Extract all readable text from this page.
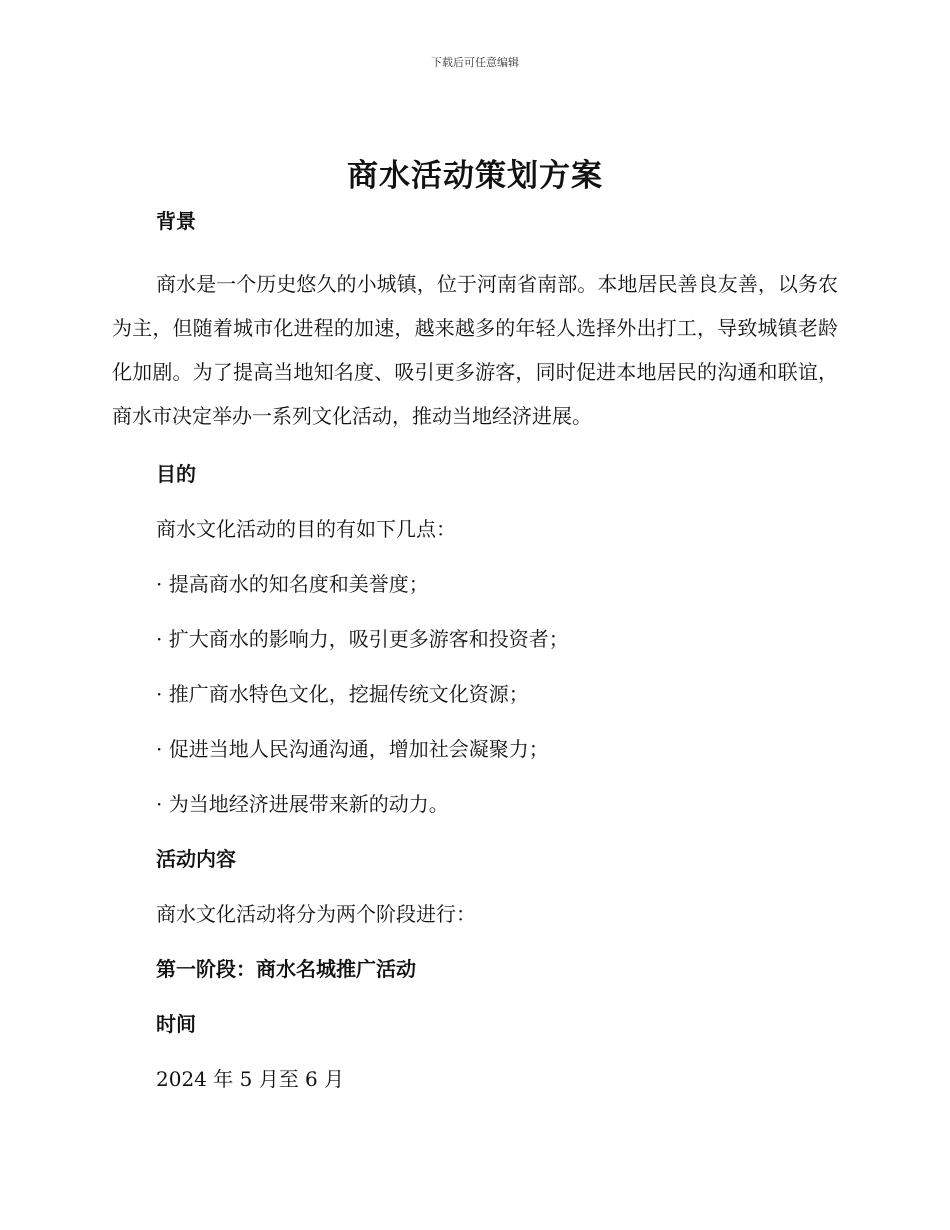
下载后可任意编辑
商水活动策划方案
背景

商水是一个历史悠久的小城镇，位于河南省南部。本地居民善良友善，以务农为主，但随着城市化进程的加速，越来越多的年轻人选择外出打工，导致城镇老龄化加剧。为了提高当地知名度、吸引更多游客，同时促进本地居民的沟通和联谊，商水市决定举办一系列文化活动，推动当地经济进展。

目的
商水文化活动的目的有如下几点：
· 提高商水的知名度和美誉度；
· 扩大商水的影响力，吸引更多游客和投资者；
· 推广商水特色文化，挖掘传统文化资源；
· 促进当地人民沟通沟通，增加社会凝聚力；
· 为当地经济进展带来新的动力。
活动内容
商水文化活动将分为两个阶段进行：
第一阶段：商水名城推广活动
时间
2024 年 5 月至 6 月
